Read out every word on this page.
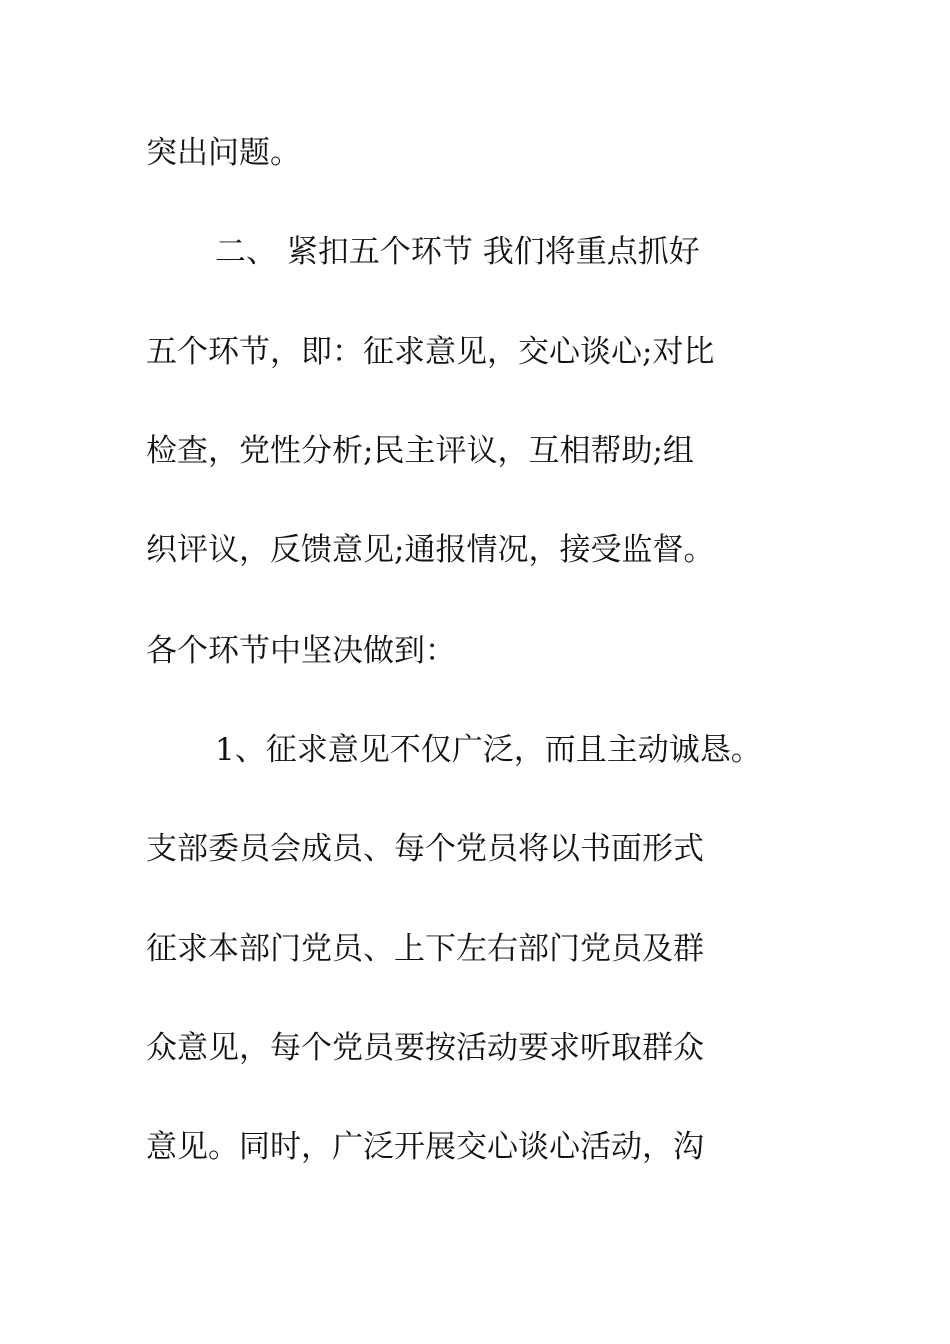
突出问题。

二、 紧扣五个环节 我们将重点抓好

五个环节，即：征求意见，交心谈心;对比

检查，党性分析;民主评议，互相帮助;组

织评议，反馈意见;通报情况，接受监督。

各个环节中坚决做到：

1、征求意见不仅广泛，而且主动诚恳。

支部委员会成员、每个党员将以书面形式

征求本部门党员、上下左右部门党员及群

众意见，每个党员要按活动要求听取群众

意见。同时，广泛开展交心谈心活动，沟
